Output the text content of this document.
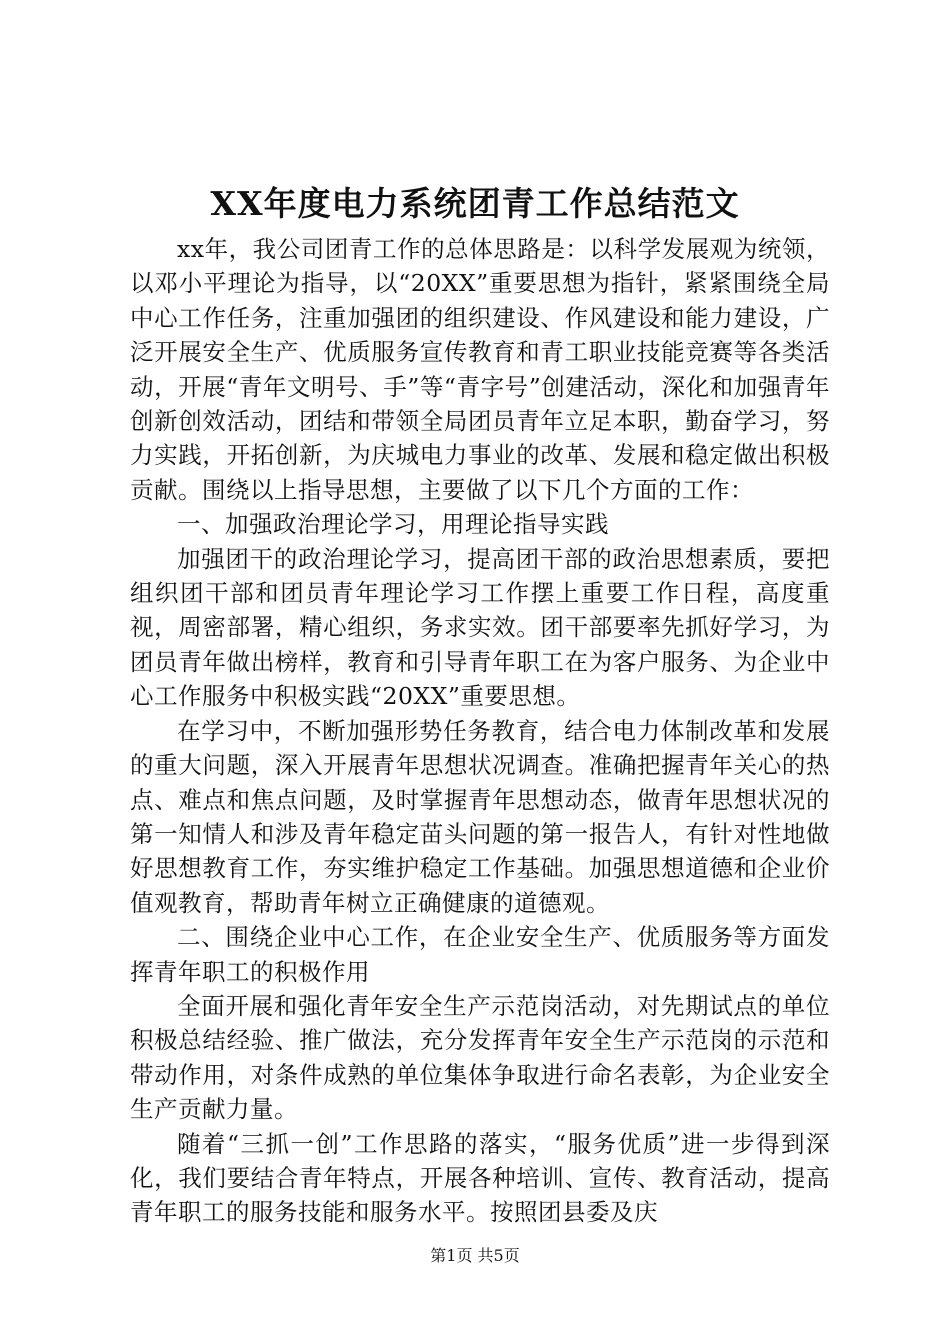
XX年度电力系统团青工作总结范文

xx年，我公司团青工作的总体思路是：以科学发展观为统领，以邓小平理论为指导，以“20XX”重要思想为指针，紧紧围绕全局中心工作任务，注重加强团的组织建设、作风建设和能力建设，广泛开展安全生产、优质服务宣传教育和青工职业技能竞赛等各类活动，开展“青年文明号、手”等“青字号”创建活动，深化和加强青年创新创效活动，团结和带领全局团员青年立足本职，勤奋学习，努力实践，开拓创新，为庆城电力事业的改革、发展和稳定做出积极贡献。围绕以上指导思想，主要做了以下几个方面的工作：

一、加强政治理论学习，用理论指导实践

加强团干的政治理论学习，提高团干部的政治思想素质，要把组织团干部和团员青年理论学习工作摆上重要工作日程，高度重视，周密部署，精心组织，务求实效。团干部要率先抓好学习，为团员青年做出榜样，教育和引导青年职工在为客户服务、为企业中心工作服务中积极实践“20XX”重要思想。

在学习中，不断加强形势任务教育，结合电力体制改革和发展的重大问题，深入开展青年思想状况调查。准确把握青年关心的热点、难点和焦点问题，及时掌握青年思想动态，做青年思想状况的第一知情人和涉及青年稳定苗头问题的第一报告人，有针对性地做好思想教育工作，夯实维护稳定工作基础。加强思想道德和企业价值观教育，帮助青年树立正确健康的道德观。

二、围绕企业中心工作，在企业安全生产、优质服务等方面发挥青年职工的积极作用

全面开展和强化青年安全生产示范岗活动，对先期试点的单位积极总结经验、推广做法，充分发挥青年安全生产示范岗的示范和带动作用，对条件成熟的单位集体争取进行命名表彰，为企业安全生产贡献力量。

随着“三抓一创”工作思路的落实，“服务优质”进一步得到深化，我们要结合青年特点，开展各种培训、宣传、教育活动，提高青年职工的服务技能和服务水平。按照团县委及庆

第1页 共5页
